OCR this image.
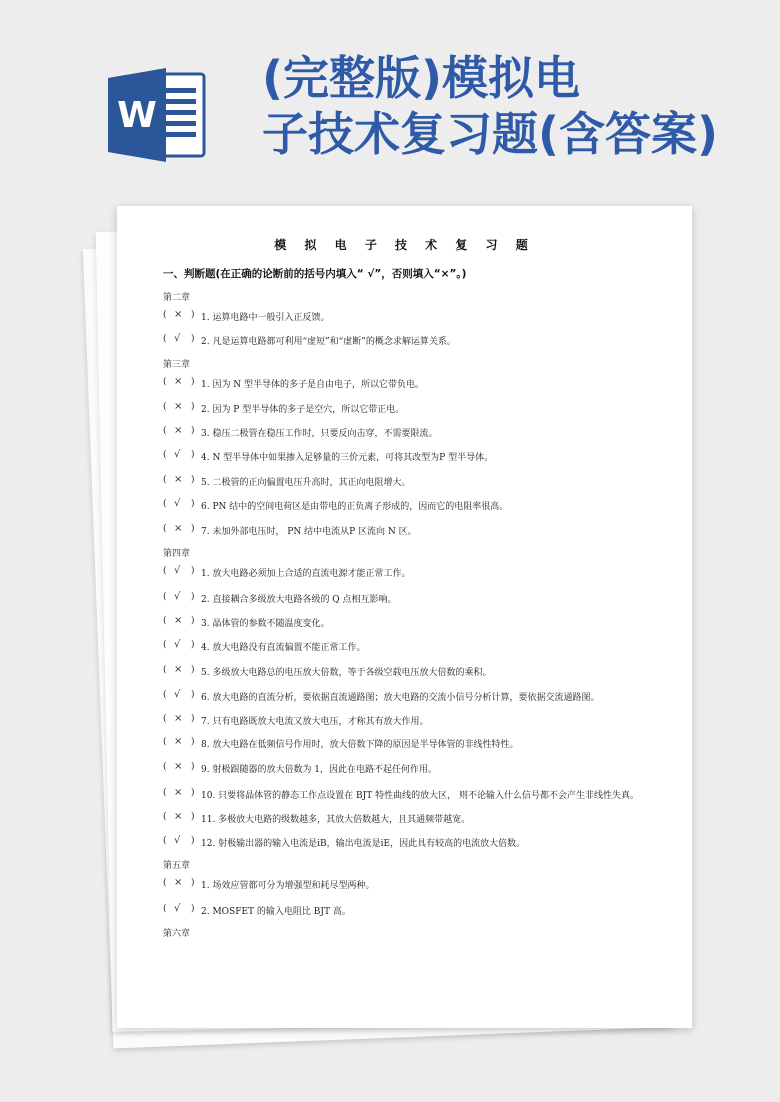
W
(完整版)模拟电
子技术复习题(含答案)
模 拟 电 子 技 术 复 习 题
一、判断题(在正确的论断前的括号内填入“ √”，否则填入“×”。)
第二章
( × ) 1. 运算电路中一般引入正反馈。
( √ ) 2. 凡是运算电路都可利用“虚短”和“虚断”的概念求解运算关系。
第三章
( × ) 1. 因为 N 型半导体的多子是自由电子，所以它带负电。
( × ) 2. 因为 P 型半导体的多子是空穴，所以它带正电。
( × ) 3. 稳压二极管在稳压工作时，只要反向击穿，不需要限流。
( √ ) 4. N 型半导体中如果掺入足够量的三价元素，可将其改型为P 型半导体。
( × ) 5. 二极管的正向偏置电压升高时，其正向电阻增大。
( √ ) 6. PN 结中的空间电荷区是由带电的正负离子形成的，因而它的电阻率很高。
( × ) 7. 未加外部电压时， PN 结中电流从P 区流向 N 区。
第四章
( √ ) 1. 放大电路必须加上合适的直流电源才能正常工作。
( √ ) 2. 直接耦合多级放大电路各级的 Q 点相互影响。
( × ) 3. 晶体管的参数不随温度变化。
( √ ) 4. 放大电路没有直流偏置不能正常工作。
( × ) 5. 多级放大电路总的电压放大倍数，等于各级空载电压放大倍数的乘积。
( √ ) 6. 放大电路的直流分析，要依据直流通路图；放大电路的交流小信号分析计算，要依据交流通路图。
( × ) 7. 只有电路既放大电流又放大电压，才称其有放大作用。
( × ) 8. 放大电路在低频信号作用时，放大倍数下降的原因是半导体管的非线性特性。
( × ) 9. 射极跟随器的放大倍数为 1，因此在电路不起任何作用。
( × ) 10. 只要将晶体管的静态工作点设置在 BJT 特性曲线的放大区， 则不论输入什么信号都不会产生非线性失真。
( × ) 11. 多极放大电路的级数越多，其放大倍数越大，且其通频带越宽。
( √ ) 12. 射极输出器的输入电流是iB，输出电流是iE，因此具有较高的电流放大倍数。
第五章
( × ) 1. 场效应管都可分为增强型和耗尽型两种。
( √ ) 2. MOSFET 的输入电阻比 BJT 高。
第六章
